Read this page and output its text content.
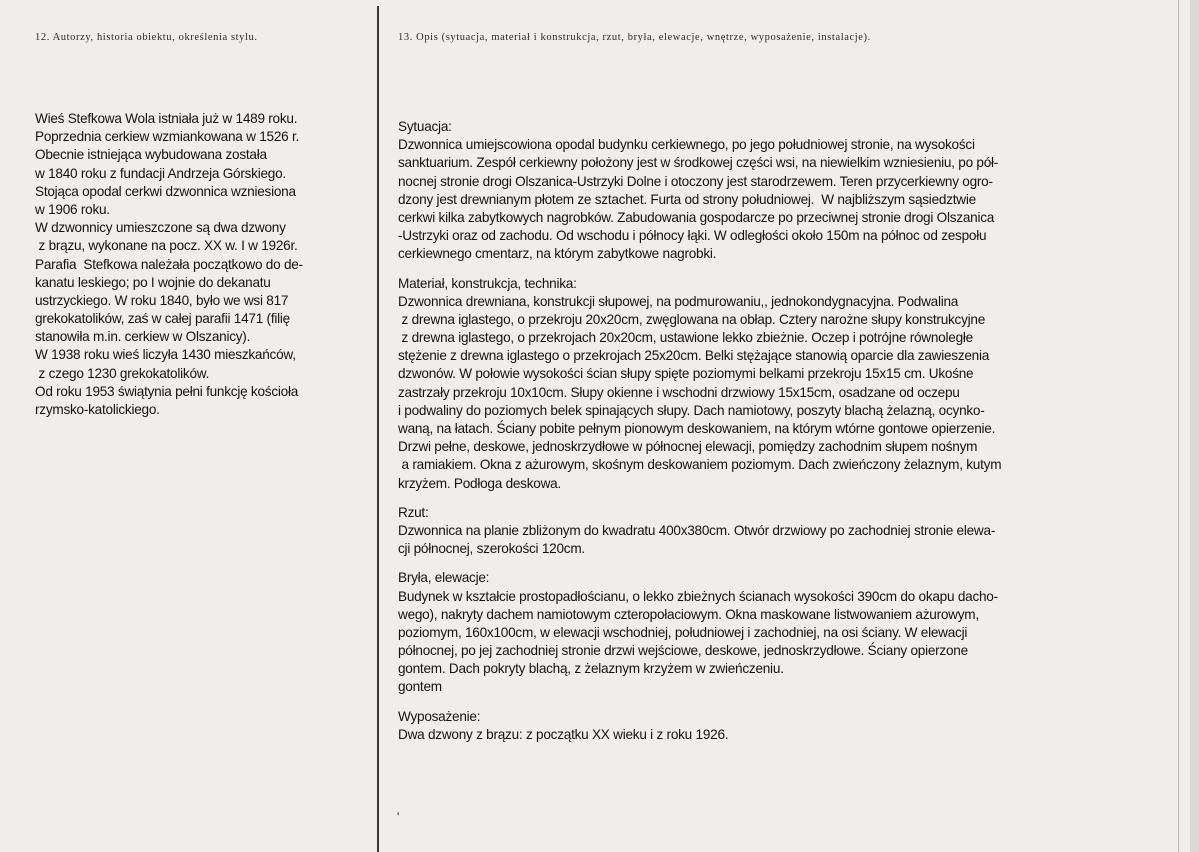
12. Autorzy, historia obiektu, określenia stylu.	13. Opis (sytuacja, materiał i konstrukcja, rzut, bryła, elewacje, wnętrze, wyposażenie, instalacje).
Wieś Stefkowa Wola istniała już w 1489 roku.
Poprzednia cerkiew wzmiankowana w 1526 r.
Obecnie istniejąca wybudowana została
w 1840 roku z fundacji Andrzeja Górskiego.
Stojąca opodal cerkwi dzwonnica wzniesiona
w 1906 roku.
W dzwonnicy umieszczone są dwa dzwony
z brązu, wykonane na pocz. XX w. I w 1926r.
Parafia  Stefkowa należała początkowo do de-
kanatu leskiego; po I wojnie do dekanatu
ustrzyckiego. W roku 1840, było we wsi 817
grekokatolików, zaś w całej parafii 1471 (filię
stanowiła m.in. cerkiew w Olszanicy).
W 1938 roku wieś liczyła 1430 mieszkańców,
z czego 1230 grekokatolików.
Od roku 1953 świątynia pełni funkcję kościoła
rzymsko-katolickiego.
Sytuacja:
Dzwonnica umiejscowiona opodal budynku cerkiewnego, po jego południowej stronie, na wysokości
sanktuarium. Zespół cerkiewny położony jest w środkowej części wsi, na niewielkim wzniesieniu, po pół-
nocnej stronie drogi Olszanica-Ustrzyki Dolne i otoczony jest starodrzewem. Teren przycerkiewny ogro-
dzony jest drewnianym płotem ze sztachet. Furta od strony południowej.  W najbliższym sąsiedztwie
cerkwi kilka zabytkowych nagrobków. Zabudowania gospodarcze po przeciwnej stronie drogi Olszanica
-Ustrzyki oraz od zachodu. Od wschodu i północy łąki. W odległości około 150m na północ od zespołu
cerkiewnego cmentarz, na którym zabytkowe nagrobki.
Materiał, konstrukcja, technika:
Dzwonnica drewniana, konstrukcji słupowej, na podmurowaniu,, jednokondygnacyjna. Podwalina
z drewna iglastego, o przekroju 20x20cm, zwęglowana na obłap. Cztery narożne słupy konstrukcyjne
z drewna iglastego, o przekrojach 20x20cm, ustawione lekko zbieżnie. Oczep i potrójne równoległe
stężenie z drewna iglastego o przekrojach 25x20cm. Belki stężające stanowią oparcie dla zawieszenia
dzwonów. W połowie wysokości ścian słupy spięte poziomymi belkami przekroju 15x15 cm. Ukośne
zastrzały przekroju 10x10cm. Słupy okienne i wschodni drzwiowy 15x15cm, osadzane od oczepu
i podwaliny do poziomych belek spinających słupy. Dach namiotowy, poszyty blachą żelazną, ocynko-
waną, na łatach. Ściany pobite pełnym pionowym deskowaniem, na którym wtórne gontowe opierzenie.
Drzwi pełne, deskowe, jednoskrzydłowe w północnej elewacji, pomiędzy zachodnim słupem nośnym
a ramiakiem. Okna z ażurowym, skośnym deskowaniem poziomym. Dach zwieńczony żelaznym, kutym
krzyżem. Podłoga deskowa.
Rzut:
Dzwonnica na planie zbliżonym do kwadratu 400x380cm. Otwór drzwiowy po zachodniej stronie elewa-
cji północnej, szerokości 120cm.
Bryła, elewacje:
Budynek w kształcie prostopadłościanu, o lekko zbieżnych ścianach wysokości 390cm do okapu dacho-
wego), nakryty dachem namiotowym czteropołaciowym. Okna maskowane listwowaniem ażurowym,
poziomym, 160x100cm, w elewacji wschodniej, południowej i zachodniej, na osi ściany. W elewacji
północnej, po jej zachodniej stronie drzwi wejściowe, deskowe, jednoskrzydłowe. Ściany opierzone
gontem. Dach pokryty blachą, z żelaznym krzyżem w zwieńczeniu.
gontem
Wyposażenie:
Dwa dzwony z brązu: z początku XX wieku i z roku 1926.
'
